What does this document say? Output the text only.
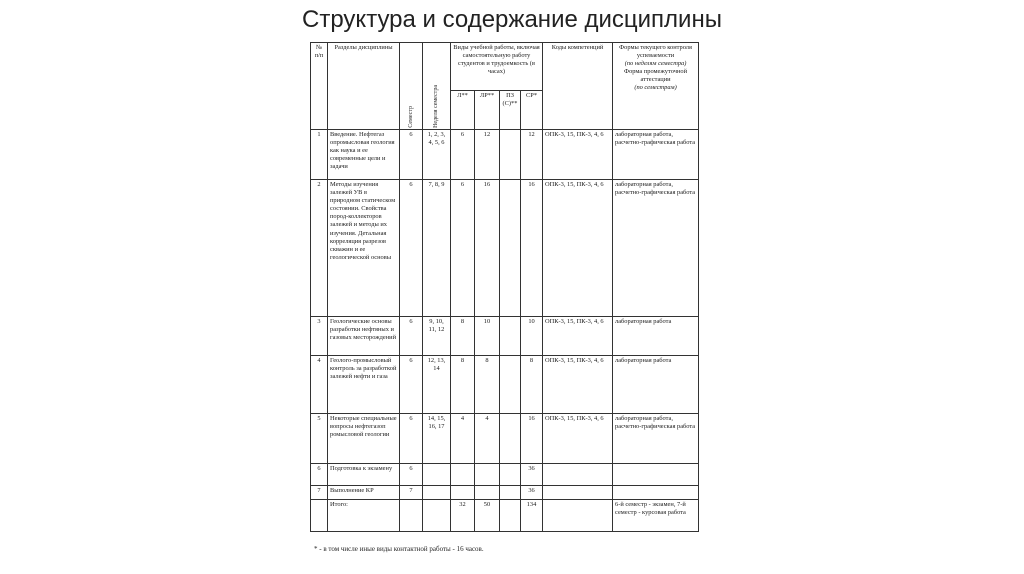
Структура и содержание дисциплины
№ п/п	Разделы дисциплины	Семестр	Неделя семестра	Виды учебной работы, включая самостоятельную работу студентов и трудоемкость (в часах)				Коды компетенций	Формы текущего контроля успеваемости
(по неделям семестра)
Форма промежуточной аттестации
(по семестрам)

				Л**	ЛР**	ПЗ (С)**	СР*		
1	Введение. Нефтегаз опромысловая геология как наука и ее современные цели и задачи	6	1, 2, 3, 4, 5, 6	6	12		12	ОПК-3, 15, ПК-3, 4, 6	лабораторная работа, расчетно-графическая работа
2	Методы изучения залежей УВ в природном статическом состоянии. Свойства пород-коллекторов залежей и методы их изучения. Детальная корреляция разрезов скважин и ее геологической основы	6	7, 8, 9	6	16		16	ОПК-3, 15, ПК-3, 4, 6	лабораторная работа, расчетно-графическая работа
3	Геологические основы разработки нефтяных и газовых месторождений	6	9, 10, 11, 12	8	10		10	ОПК-3, 15, ПК-3, 4, 6	лабораторная работа
4	Геолого-промысловый контроль за разработкой залежей нефти и газа	6	12, 13, 14	8	8		8	ОПК-3, 15, ПК-3, 4, 6	лабораторная работа
5	Некоторые специальные вопросы нефтегазоп ромысловой геологии	6	14, 15, 16, 17	4	4		16	ОПК-3, 15, ПК-3, 4, 6	лабораторная работа, расчетно-графическая работа
6	Подготовка к экзамену	6					36		
7	Выполнение КР	7					36		
	Итого:			32	50		134		6-й семестр - экзамен, 7-й семестр - курсовая работа
* - в том числе иные виды контактной работы - 16 часов.
